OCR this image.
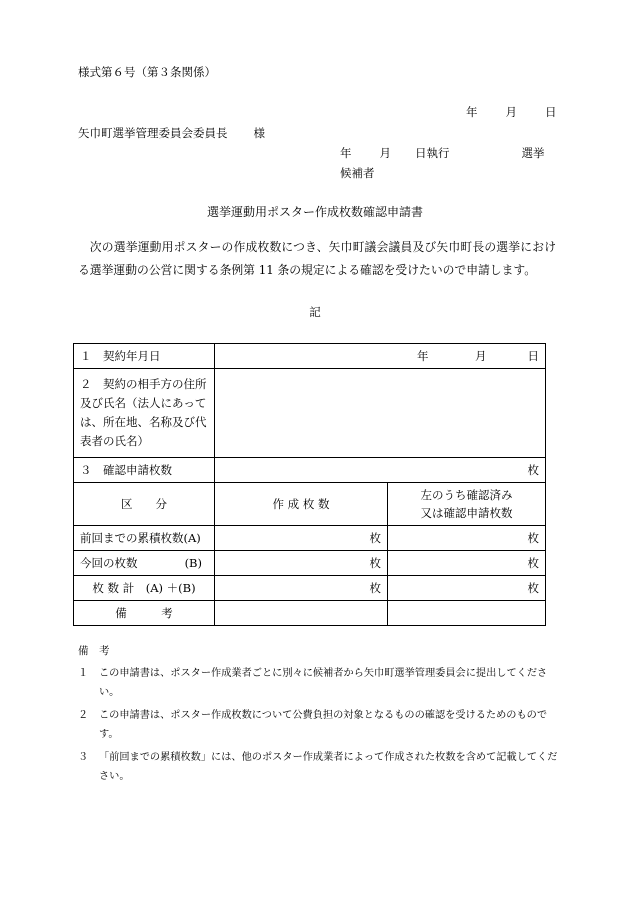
様式第６号（第３条関係）
年 月 日
矢巾町選挙管理委員会委員長 様
年 月 日執行	選挙
候補者
選挙運動用ポスター作成枚数確認申請書
次の選挙運動用ポスターの作成枚数につき、矢巾町議会議員及び矢巾町長の選挙における選挙運動の公営に関する条例第 11 条の規定による確認を受けたいので申請します。
記
１　契約年月日	年 月 日	

２　契約の相手方の住所及び氏名（法人にあっては、所在地、名称及び代表者の氏名）		
３　確認申請枚数	枚	
区　　分	作 成 枚 数	左のうち確認済み
又は確認申請枚数

前回までの累積枚数(A)	枚	枚

今回の枚数 (B)	枚	枚
枚 数 計　(A) ＋(B)	枚	枚
備　　　考		
備　考
１ この申請書は、ポスター作成業者ごとに別々に候補者から矢巾町選挙管理委員会に提出してください。
２ この申請書は、ポスター作成枚数について公費負担の対象となるものの確認を受けるためのものです。
３ 「前回までの累積枚数」には、他のポスター作成業者によって作成された枚数を含めて記載してください。
